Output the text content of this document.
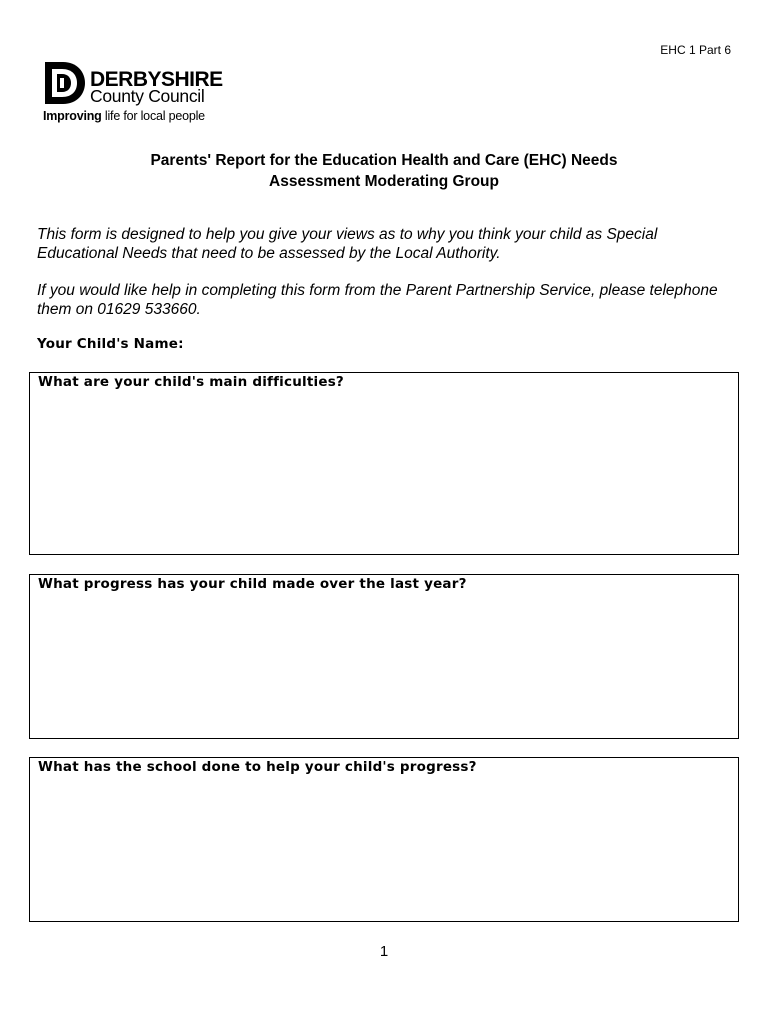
EHC 1 Part 6
DERBYSHIRE
County Council
Improving life for local people
Parents' Report for the Education Health and Care (EHC) Needs
Assessment Moderating Group
This form is designed to help you give your views as to why you think your child as Special Educational Needs that need to be assessed by the Local Authority.
If you would like help in completing this form from the Parent Partnership Service, please telephone them on 01629 533660.
Your Child's Name:
What are your child's main difficulties?
What progress has your child made over the last year?
What has the school done to help your child's progress?
1
